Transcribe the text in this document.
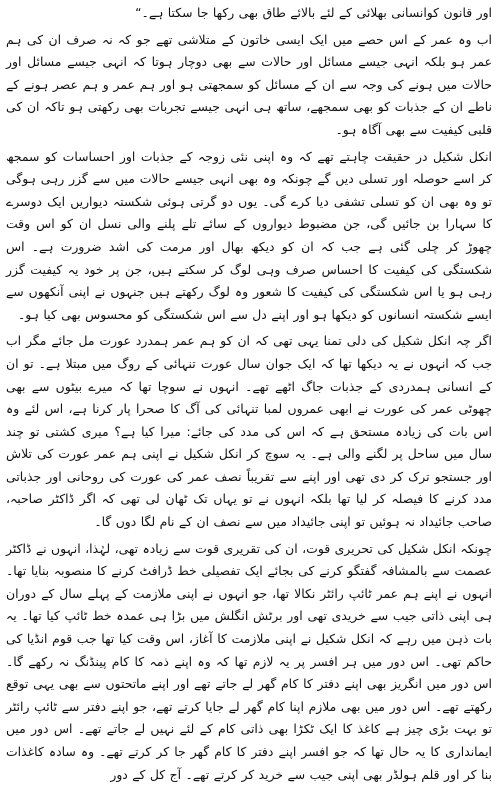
اور قانون کوانسانی بھلائی کے لئے بالائے طاق بھی رکھا جا سکتا ہے۔“

اب وہ عمر کے اس حصے میں ایک ایسی خاتون کے متلاشی تھے جو کہ نہ صرف ان کی ہم عمر ہو بلکہ انہی جیسے مسائل اور حالات سے بھی دوچار ہوتا کہ انہی جیسے مسائل اور حالات میں ہونے کی وجہ سے ان کے مسائل کو سمجھتی ہو اور ہم عمر و ہم عصر ہونے کے ناطے ان کے جذبات کو بھی سمجھے، ساتھ ہی انہی جیسے تجربات بھی رکھتی ہو تاکہ ان کی قلبی کیفیت سے بھی آگاہ ہو۔

انکل شکیل در حقیقت چاہتے تھے کہ وہ اپنی نئی زوجہ کے جذبات اور احساسات کو سمجھ کر اسے حوصلہ اور تسلی دیں گے چونکہ وہ بھی انہی جیسے حالات میں سے گزر رہی ہوگی تو وہ بھی ان کو تسلی تشفی دیا کرے گی۔ یوں دو گرتی ہوئی شکستہ دیواریں ایک دوسرے کا سہارا بن جائیں گی، جن مضبوط دیواروں کے سائے تلے پلنے والی نسل ان کو اس وقت چھوڑ کر چلی گئی ہے جب کہ ان کو دیکھ بھال اور مرمت کی اشد ضرورت ہے۔ اس شکستگی کی کیفیت کا احساس صرف وہی لوگ کر سکتے ہیں، جن پر خود یہ کیفیت گزر رہی ہو یا اس شکستگی کی کیفیت کا شعور وہ لوگ رکھتے ہیں جنہوں نے اپنی آنکھوں سے ایسے شکستہ انسانوں کو دیکھا ہو اور اپنے دل سے اس شکستگی کو محسوس بھی کیا ہو۔

اگر چہ انکل شکیل کی دلی تمنا یہی تھی کہ ان کو ہم عمر ہمدرد عورت مل جائے مگر اب جب کہ انہوں نے یہ دیکھا تھا کہ ایک جوان سال عورت تنہائی کے روگ میں مبتلا ہے۔ تو ان کے انسانی ہمدردی کے جذبات جاگ اٹھے تھے۔ انہوں نے سوچا تھا کہ میرے بیٹوں سے بھی چھوٹی عمر کی عورت نے ابھی عمروں لمبا تنہائی کی آگ کا صحرا پار کرنا ہے، اس لئے وہ اس بات کی زیادہ مستحق ہے کہ اس کی مدد کی جائے: میرا کیا ہے؟ میری کشتی تو چند سال میں ساحل پر لگنے والی ہے۔ یہ سوچ کر انکل شکیل نے اپنی ہم عمر عورت کی تلاش اور جستجو ترک کر دی تھی اور اپنے سے تقریباً نصف عمر کی عورت کی روحانی اور جذباتی مدد کرنے کا فیصلہ کر لیا تھا بلکہ انہوں نے تو یہاں تک ٹھان لی تھی کہ اگر ڈاکٹر صاحبہ، صاحب جائیداد نہ ہوئیں تو اپنی جائیداد میں سے نصف ان کے نام لگا دوں گا۔

چونکہ انکل شکیل کی تحریری قوت، ان کی تقریری قوت سے زیادہ تھی، لہٰذا، انہوں نے ڈاکٹر عصمت سے بالمشافہ گفتگو کرنے کی بجائے ایک تفصیلی خط ڈرافٹ کرنے کا منصوبہ بنایا تھا۔ انہوں نے اپنے ہم عمر ٹائپ رائٹر نکالا تھا، جو انہوں نے اپنی ملازمت کے پہلے سال کے دوران ہی اپنی ذاتی جیب سے خریدی تھی اور برٹش انگلش میں بڑا ہی عمدہ خط ٹائپ کیا تھا۔ یہ بات ذہن میں رہے کہ انکل شکیل نے اپنی ملازمت کا آغاز، اس وقت کیا تھا جب قوم انڈیا کی حاکم تھی۔ اس دور میں ہر افسر پر یہ لازم تھا کہ وہ اپنے ذمہ کا کام پینڈنگ نہ رکھے گا۔ اس دور میں انگریز بھی اپنے دفتر کا کام گھر لے جاتے تھے اور اپنے ماتحتوں سے بھی یہی توقع رکھتے تھے۔ اس دور میں بھی ملازم اپنا کام گھر لے جایا کرتے تھے، جو اپنے دفتر سے ٹائپ رائٹر تو بہت بڑی چیز ہے کاغذ کا ایک ٹکڑا بھی ذاتی کام کے لئے نہیں لے جاتے تھے۔ اس دور میں ایمانداری کا یہ حال تھا کہ جو افسر اپنے دفتر کا کام گھر جا کر کرتے تھے۔ وہ سادہ کاغذات بنا کر اور قلم ہولڈر بھی اپنی جیب سے خرید کر کرتے تھے۔ آج کل کے دور
